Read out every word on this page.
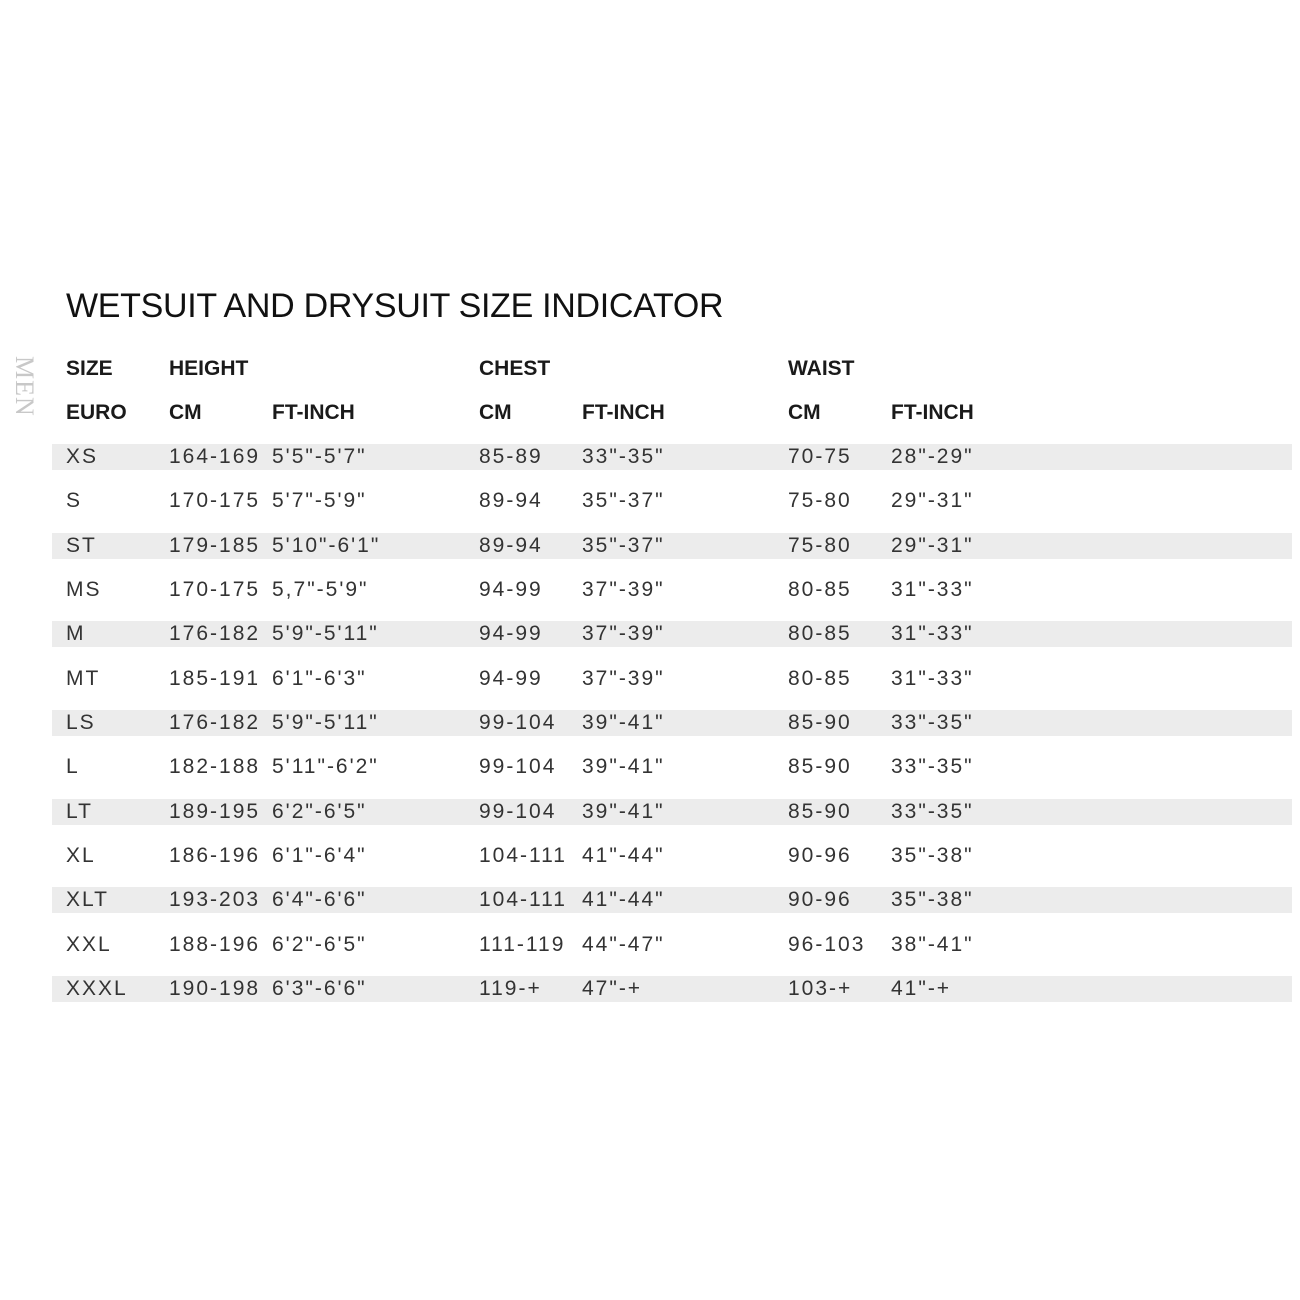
MEN
WETSUIT AND DRYSUIT SIZE INDICATOR
SIZE	HEIGHT	CHEST	WAIST
EURO CM	FT-INCH	CM	FT-INCH	CM	FT-INCH
XS	164-169 5'5"-5'7"	85-89 33"-35"	70-75 28"-29"
S	170-175 5'7"-5'9"	89-94 35"-37"	75-80 29"-31"
ST	179-185 5'10"-6'1"	89-94 35"-37"	75-80 29"-31"
MS	170-175 5,7"-5'9"	94-99 37"-39"	80-85 31"-33"
M	176-182 5'9"-5'11"	94-99 37"-39"	80-85 31"-33"
MT	185-191 6'1"-6'3"	94-99 37"-39"	80-85 31"-33"
LS	176-182 5'9"-5'11"	99-104 39"-41"	85-90 33"-35"
L	182-188 5'11"-6'2"	99-104 39"-41"	85-90 33"-35"
LT	189-195 6'2"-6'5"	99-104 39"-41"	85-90 33"-35"
XL	186-196 6'1"-6'4"	104-111 41"-44"	90-96 35"-38"
XLT	193-203 6'4"-6'6"	104-111 41"-44"	90-96 35"-38"
XXL	188-196 6'2"-6'5"	111-119 44"-47"	96-103 38"-41"
XXXL 190-198 6'3"-6'6"	119-+ 47"-+	103-+ 41"-+
